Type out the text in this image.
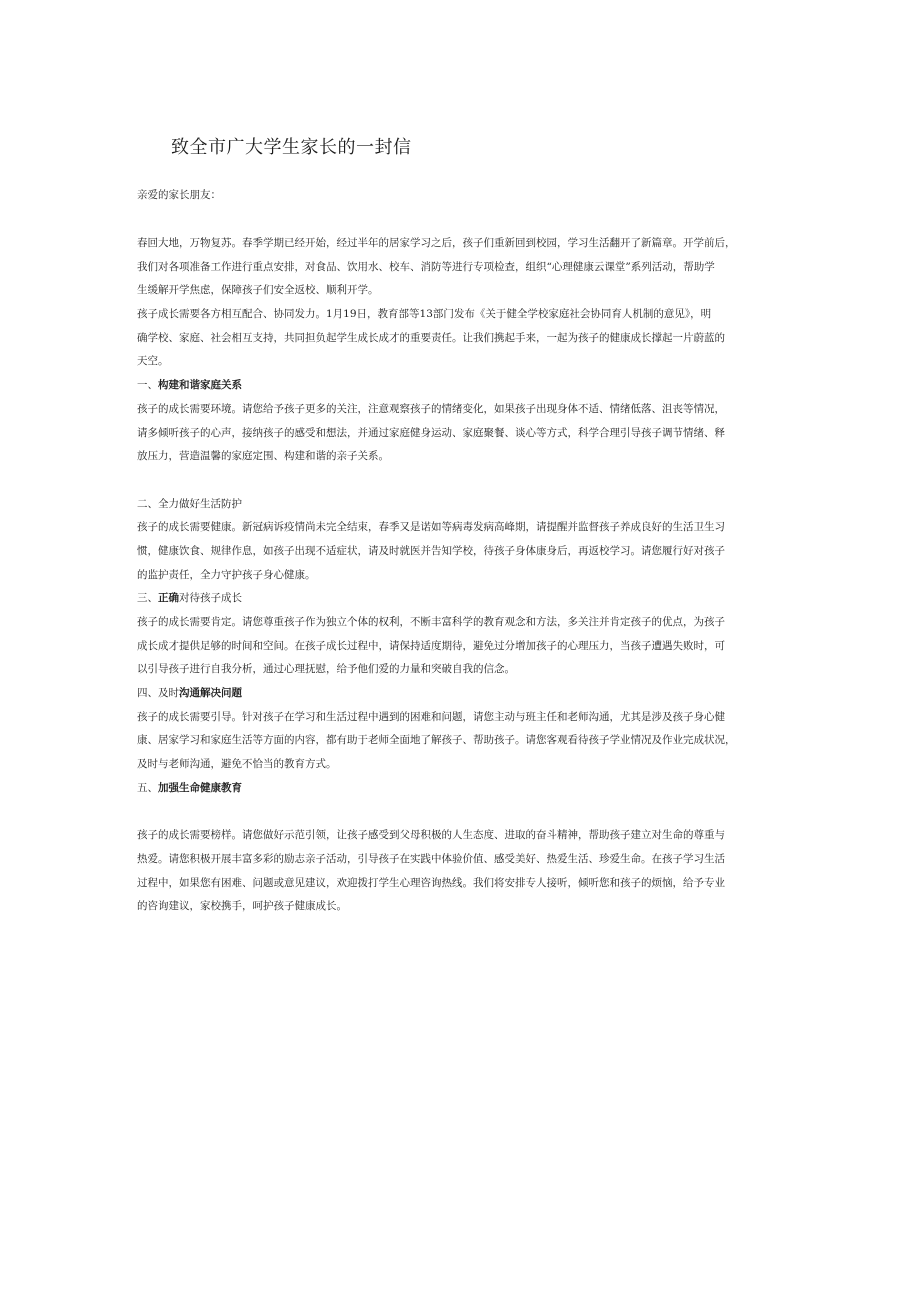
致全市广大学生家长的一封信
亲爱的家长朋友：
春回大地，万物复苏。春季学期已经开始，经过半年的居家学习之后，孩子们重新回到校园，学习生活翻开了新篇章。开学前后，
我们对各项准备工作进行重点安排，对食品、饮用水、校车、消防等进行专项检查，组织“心理健康云课堂”系列活动，帮助学
生缓解开学焦虑，保障孩子们安全返校、顺利开学。
孩子成长需要各方相互配合、协同发力。1月19日，教育部等13部门发布《关于健全学校家庭社会协同育人机制的意见》，明
确学校、家庭、社会相互支持，共同担负起学生成长成才的重要责任。让我们携起手来，一起为孩子的健康成长撑起一片蔚蓝的
天空。
一、构建和谐家庭关系
孩子的成长需要环境。请您给予孩子更多的关注，注意观察孩子的情绪变化，如果孩子出现身体不适、情绪低落、沮丧等情况，
请多倾听孩子的心声，接纳孩子的感受和想法，并通过家庭健身运动、家庭聚餐、谈心等方式，科学合理引导孩子调节情绪、释
放压力，营造温馨的家庭定围、构建和谐的亲子关系。
二、全力做好生活防护
孩子的成长需要健康。新冠病诉疫情尚未完全结束，春季又是诺如等病毒发病高峰期，请提醒并监督孩子养成良好的生活卫生习
惯，健康饮食、规律作息，如孩子出现不适症状，请及时就医并告知学校，待孩子身体康身后，再返校学习。请您履行好对孩子
的监护责任，全力守护孩子身心健康。
三、正确对待孩子成长
孩子的成长需要肯定。请您尊重孩子作为独立个体的权利，不断丰富科学的教育观念和方法，多关注并肯定孩子的优点，为孩子
成长成才提供足够的时间和空间。在孩子成长过程中，请保持适度期待，避免过分增加孩子的心理压力，当孩子遭遇失败时，可
以引导孩子进行自我分析，通过心理抚慰，给予他们爱的力量和突破自我的信念。
四、及时沟通解决问题
孩子的成长需要引导。针对孩子在学习和生活过程中遇到的困难和问题，请您主动与班主任和老师沟通，尤其是涉及孩子身心健
康、居家学习和家庭生活等方面的内容，都有助于老师全面地了解孩子、帮助孩子。请您客观看待孩子学业情况及作业完成状况，
及时与老师沟通，避免不恰当的教育方式。
五、加强生命健康教育
孩子的成长需要榜样。请您做好示范引领，让孩子感受到父母积极的人生态度、进取的奋斗精神，帮助孩子建立对生命的尊重与
热爱。请您积极开展丰富多彩的励志亲子活动，引导孩子在实践中体验价值、感受美好、热爱生活、珍爱生命。在孩子学习生活
过程中，如果您有困难、问题或意见建议，欢迎拨打学生心理咨询热线。我们将安排专人接听，倾听您和孩子的烦恼，给予专业
的咨询建议，家校携手，呵护孩子健康成长。
